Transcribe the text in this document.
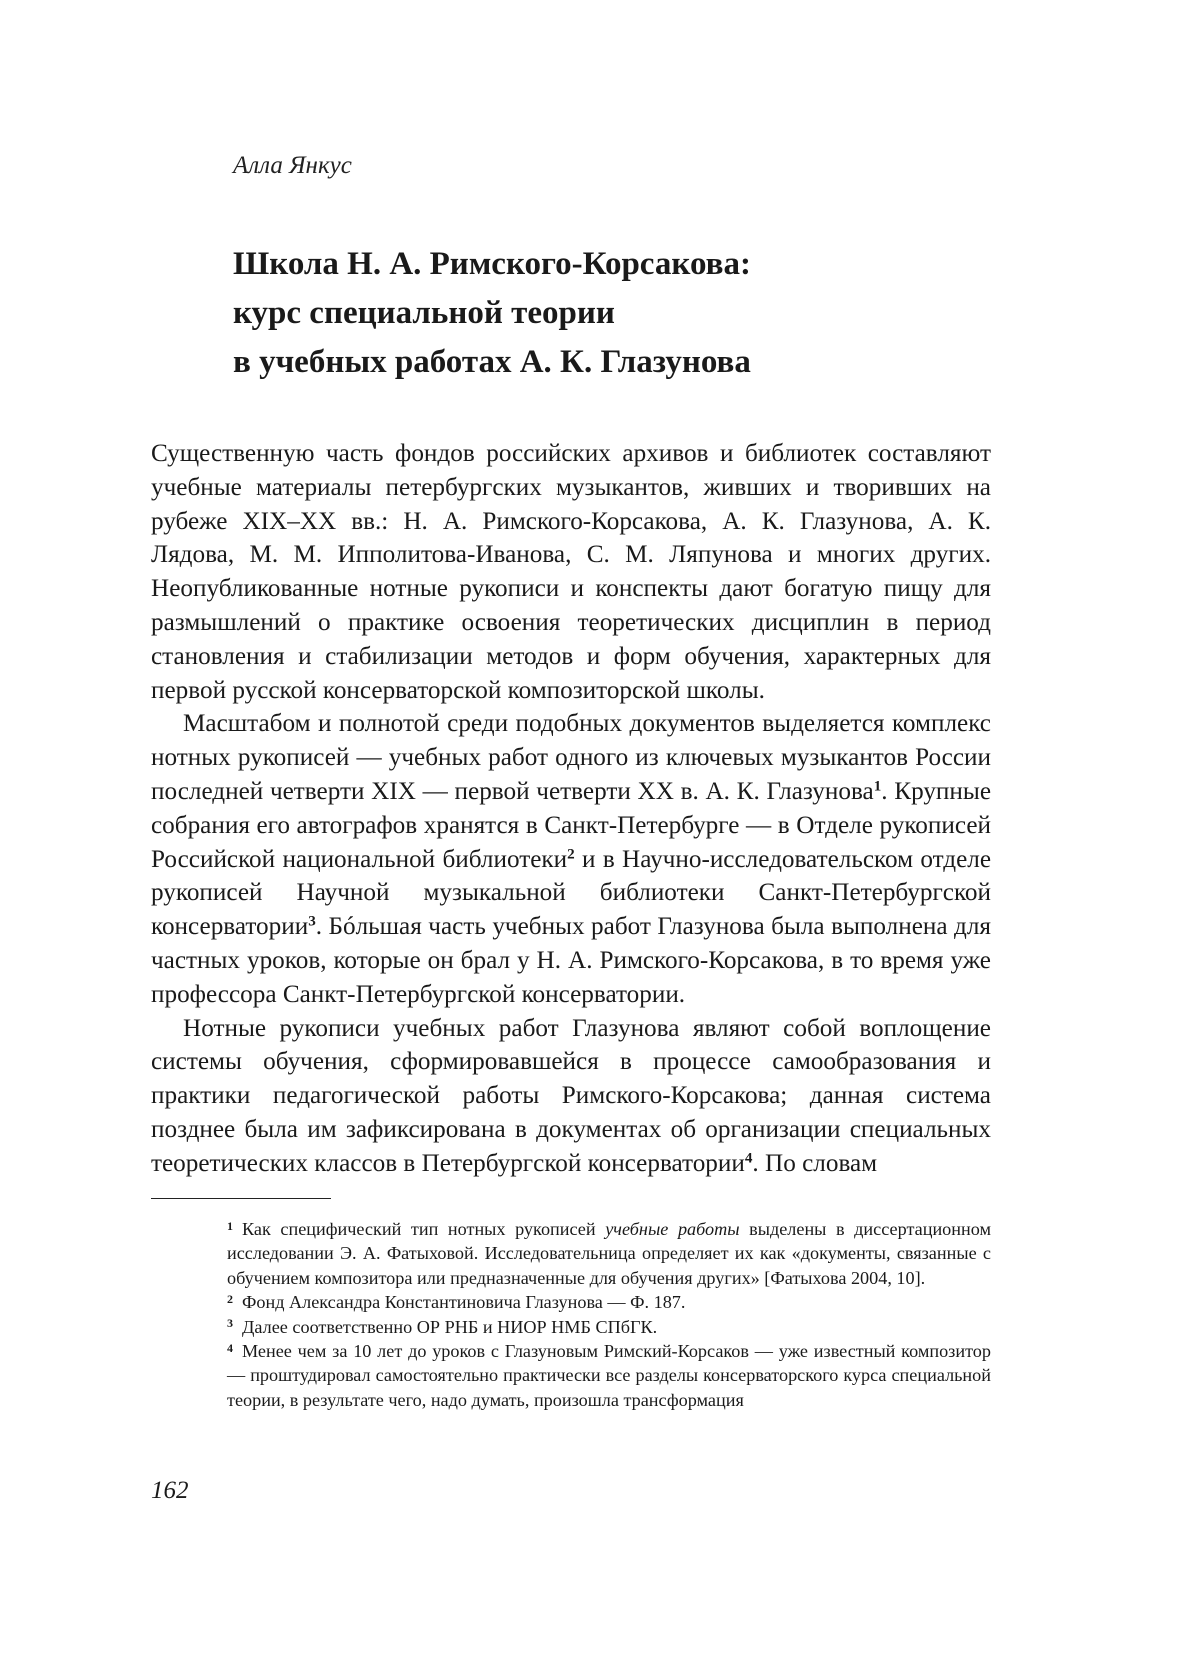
Алла Янкус
Школа Н. А. Римского-Корсакова:
курс специальной теории
в учебных работах А. К. Глазунова

Существенную часть фондов российских архивов и библиотек составляют учебные материалы петербургских музыкантов, живших и творивших на рубеже XIX–XX вв.: Н. А. Римского-Корсакова, А. К. Глазунова, А. К. Лядова, М. М. Ипполитова-Иванова, С. М. Ляпунова и многих других. Неопубликованные нотные рукописи и конспекты дают богатую пищу для размышлений о практике освоения теоретических дисциплин в период становления и стабилизации методов и форм обучения, характерных для первой русской консерваторской композиторской школы.

Масштабом и полнотой среди подобных документов выделяется комплекс нотных рукописей — учебных работ одного из ключевых музыкантов России последней четверти XIX — первой четверти XX в. А. К. Глазунова1. Крупные собрания его автографов хранятся в Санкт-Петербурге — в Отделе рукописей Российской национальной библиотеки2 и в Научно-исследовательском отделе рукописей Научной музыкальной библиотеки Санкт-Петербургской консерватории3. Бóльшая часть учебных работ Глазунова была выполнена для частных уроков, которые он брал у Н. А. Римского-Корсакова, в то время уже профессора Санкт-Петербургской консерватории.

Нотные рукописи учебных работ Глазунова являют собой воплощение системы обучения, сформировавшейся в процессе самообразования и практики педагогической работы Римского-Корсакова; данная система позднее была им зафиксирована в документах об организации специальных теоретических классов в Петербургской консерватории4. По словам

1 Как специфический тип нотных рукописей учебные работы выделены в диссертационном исследовании Э. А. Фатыховой. Исследовательница определяет их как «документы, связанные с обучением композитора или предназначенные для обучения других» [Фатыхова 2004, 10].

2 Фонд Александра Константиновича Глазунова — Ф. 187.

3 Далее соответственно ОР РНБ и НИОР НМБ СПбГК.

4 Менее чем за 10 лет до уроков с Глазуновым Римский-Корсаков — уже известный композитор — проштудировал самостоятельно практически все разделы консерваторского курса специальной теории, в результате чего, надо думать, произошла трансформация

162
